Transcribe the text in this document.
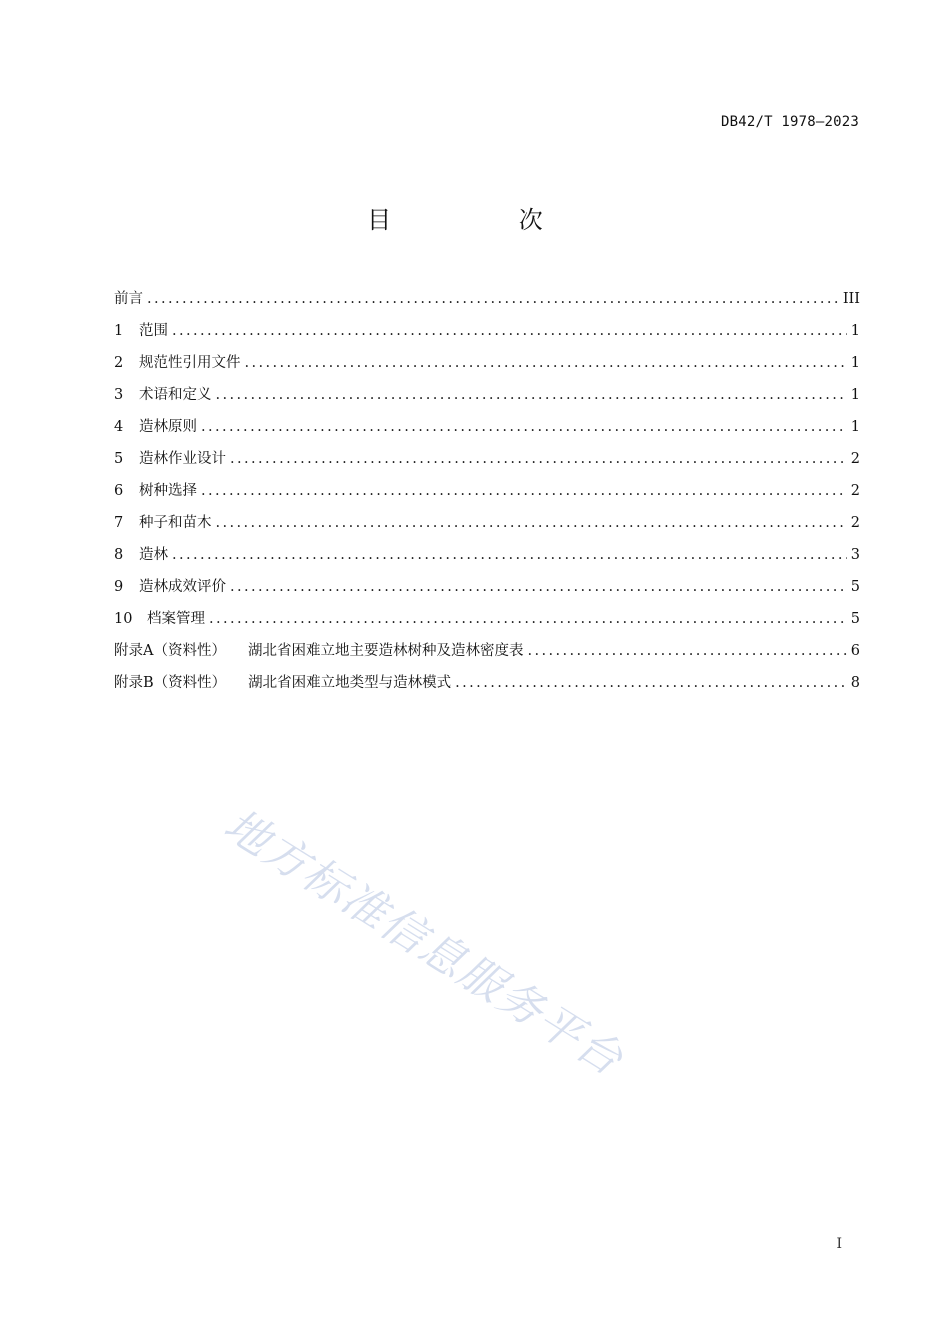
DB42/T 1978—2023
目 次
前言 .....	III
1	范围 .....	1
2	规范性引用文件 .....	1
3	术语和定义 .....	1
4	造林原则 .....	1
5	造林作业设计 .....	2
6	树种选择 .....	2
7	种子和苗木 .....	2
8	造林 .....	3
9	造林成效评价 .....	5
10	档案管理 .....	5
附录A（资料性）	湖北省困难立地主要造林树种及造林密度表 .....	6
附录B（资料性）	湖北省困难立地类型与造林模式 .....	8
地方标准信息服务平台
I
